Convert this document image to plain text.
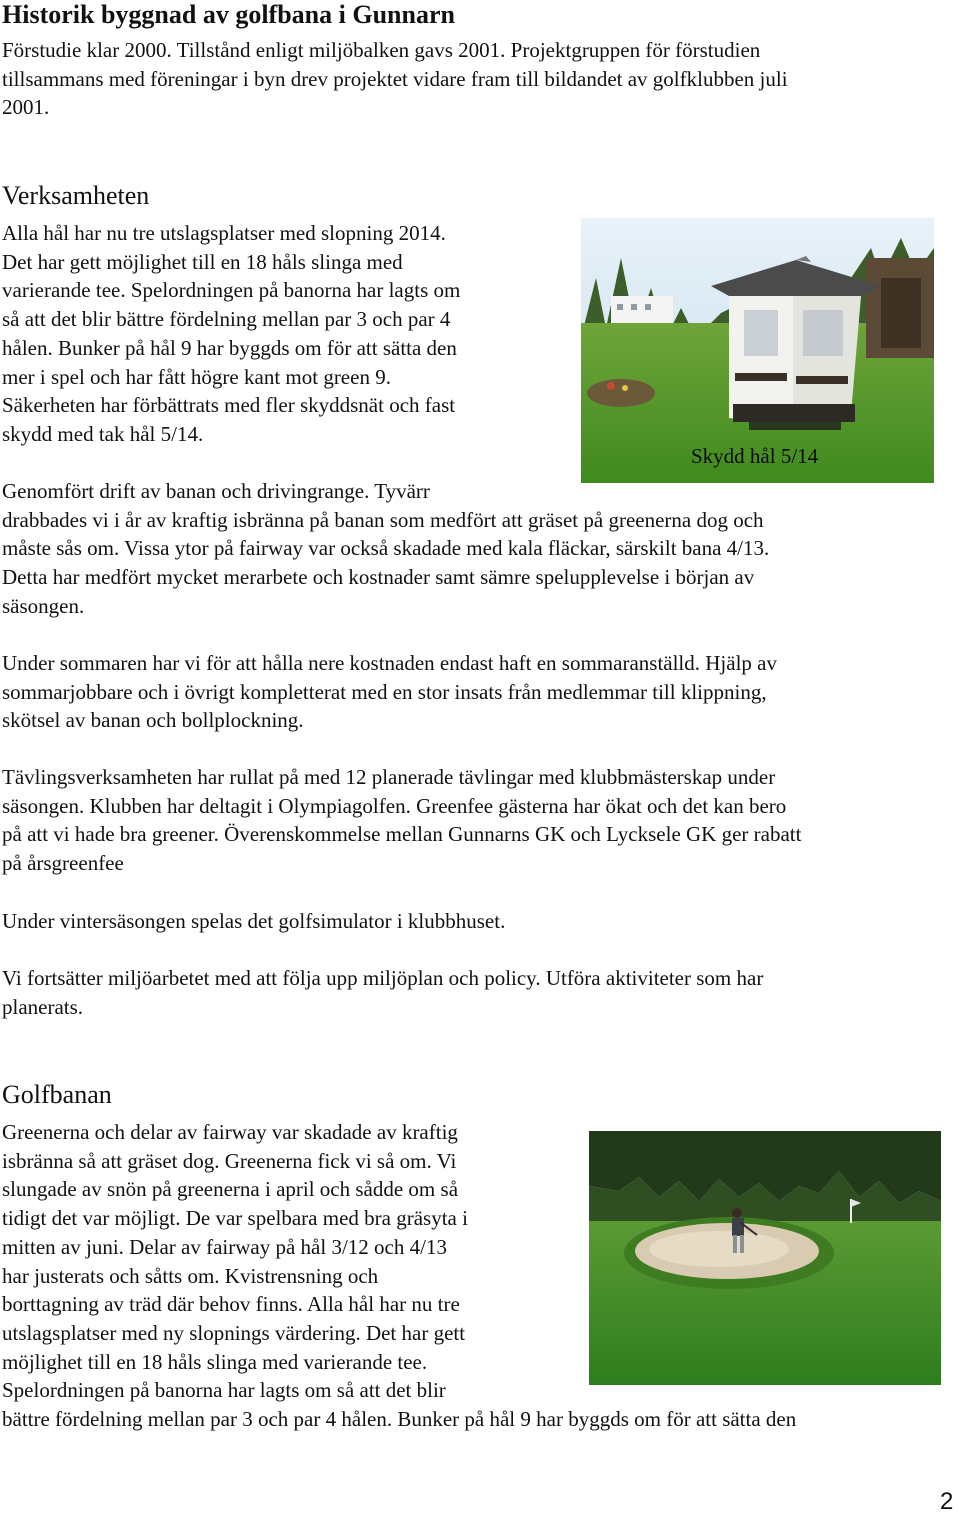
Historik byggnad av golfbana i Gunnarn
Förstudie klar 2000. Tillstånd enligt miljöbalken gavs 2001. Projektgruppen för förstudien
tillsammans med föreningar i byn drev projektet vidare fram till bildandet av golfklubben juli
2001.
Verksamheten
Alla hål har nu tre utslagsplatser med slopning 2014.
Det har gett möjlighet till en 18 håls slinga med
varierande tee. Spelordningen på banorna har lagts om
så att det blir bättre fördelning mellan par 3 och par 4
hålen. Bunker på hål 9 har byggds om för att sätta den
mer i spel och har fått högre kant mot green 9.
Säkerheten har förbättrats med fler skyddsnät och fast
skydd med tak hål 5/14.
Skydd hål 5/14
Genomfört drift av banan och drivingrange. Tyvärr
drabbades vi i år av kraftig isbränna på banan som medfört att gräset på greenerna dog och
måste sås om. Vissa ytor på fairway var också skadade med kala fläckar, särskilt bana 4/13.
Detta har medfört mycket merarbete och kostnader samt sämre spelupplevelse i början av
säsongen.
Under sommaren har vi för att hålla nere kostnaden endast haft en sommaranställd. Hjälp av
sommarjobbare och i övrigt kompletterat med en stor insats från medlemmar till klippning,
skötsel av banan och bollplockning.
Tävlingsverksamheten har rullat på med 12 planerade tävlingar med klubbmästerskap under
säsongen. Klubben har deltagit i Olympiagolfen. Greenfee gästerna har ökat och det kan bero
på att vi hade bra greener. Överenskommelse mellan Gunnarns GK och Lycksele GK ger rabatt
på årsgreenfee
Under vintersäsongen spelas det golfsimulator i klubbhuset.
Vi fortsätter miljöarbetet med att följa upp miljöplan och policy. Utföra aktiviteter som har
planerats.
Golfbanan
Greenerna och delar av fairway var skadade av kraftig
isbränna så att gräset dog. Greenerna fick vi så om. Vi
slungade av snön på greenerna i april och sådde om så
tidigt det var möjligt. De var spelbara med bra gräsyta i
mitten av juni. Delar av fairway på hål 3/12 och 4/13
har justerats och såtts om. Kvistrensning och
borttagning av träd där behov finns. Alla hål har nu tre
utslagsplatser med ny slopnings värdering. Det har gett
möjlighet till en 18 håls slinga med varierande tee.
Spelordningen på banorna har lagts om så att det blir
bättre fördelning mellan par 3 och par 4 hålen. Bunker på hål 9 har byggds om för att sätta den
2
